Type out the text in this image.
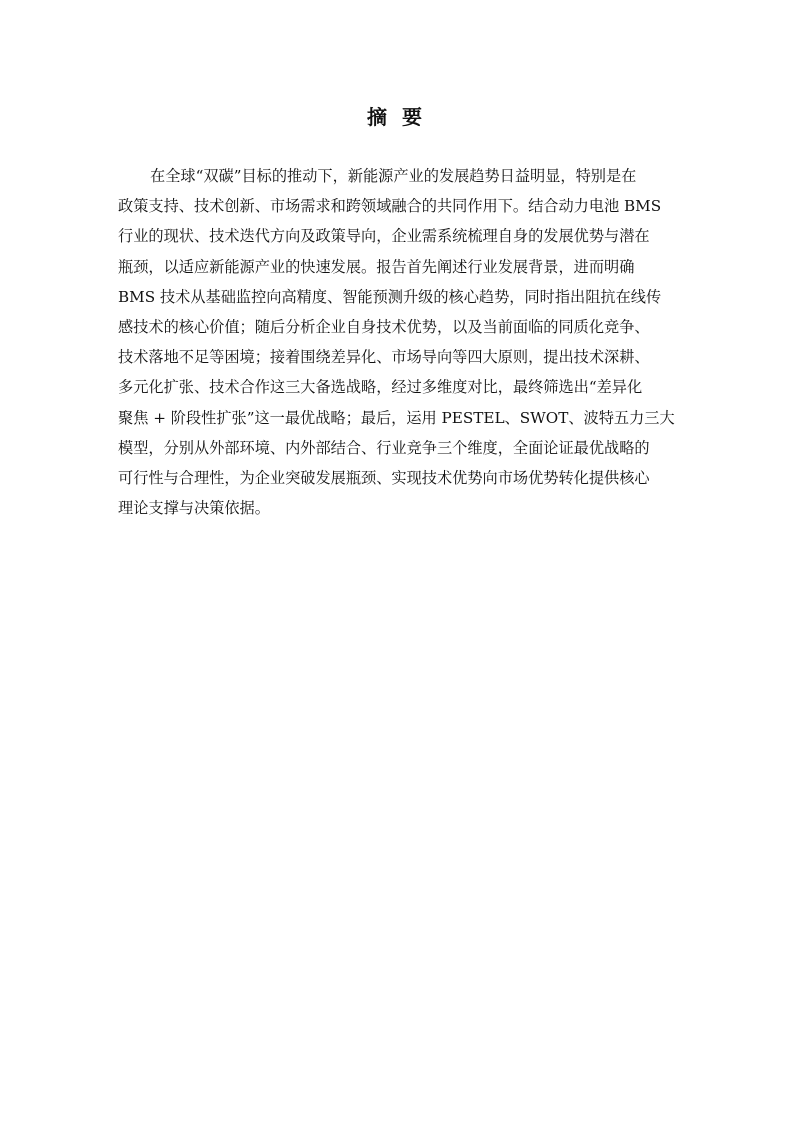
摘 要
在全球“双碳”目标的推动下，新能源产业的发展趋势日益明显，特别是在
政策支持、技术创新、市场需求和跨领域融合的共同作用下。结合动力电池 BMS
行业的现状、技术迭代方向及政策导向，企业需系统梳理自身的发展优势与潜在
瓶颈，以适应新能源产业的快速发展。报告首先阐述行业发展背景，进而明确
BMS 技术从基础监控向高精度、智能预测升级的核心趋势，同时指出阻抗在线传
感技术的核心价值；随后分析企业自身技术优势，以及当前面临的同质化竞争、
技术落地不足等困境；接着围绕差异化、市场导向等四大原则，提出技术深耕、
多元化扩张、技术合作这三大备选战略，经过多维度对比，最终筛选出“差异化
聚焦 + 阶段性扩张”这一最优战略；最后，运用 PESTEL、SWOT、波特五力三大
模型，分别从外部环境、内外部结合、行业竞争三个维度，全面论证最优战略的
可行性与合理性，为企业突破发展瓶颈、实现技术优势向市场优势转化提供核心
理论支撑与决策依据。
